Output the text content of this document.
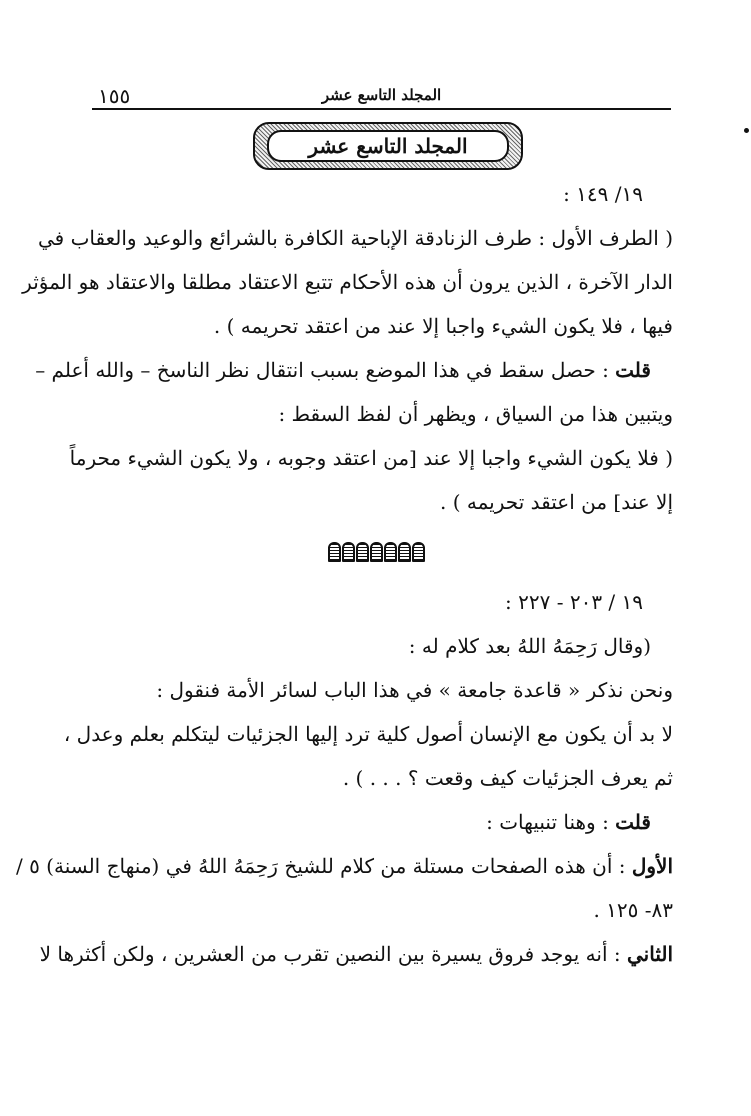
١٥٥	المجلد التاسع عشر
المجلد التاسع عشر
١٩/ ١٤٩ :
( الطرف الأول : طرف الزنادقة الإباحية الكافرة بالشرائع والوعيد والعقاب في
الدار الآخرة ، الذين يرون أن هذه الأحكام تتبع الاعتقاد مطلقا والاعتقاد هو المؤثر
فيها ، فلا يكون الشيء واجبا إلا عند من اعتقد تحريمه ) .
قلت : حصل سقط في هذا الموضع بسبب انتقال نظر الناسخ – والله أعلم –
ويتبين هذا من السياق ، ويظهر أن لفظ السقط :
( فلا يكون الشيء واجبا إلا عند [من اعتقد وجوبه ، ولا يكون الشيء محرماً
إلا عند] من اعتقد تحريمه ) .
١٩ / ٢٠٣ - ٢٢٧ :
(وقال رَحِمَهُ اللهُ بعد كلام له :
ونحن نذكر « قاعدة جامعة » في هذا الباب لسائر الأمة فنقول :
لا بد أن يكون مع الإنسان أصول كلية ترد إليها الجزئيات ليتكلم بعلم وعدل ،
ثم يعرف الجزئيات كيف وقعت ؟ . . . ) .
قلت : وهنا تنبيهات :
الأول : أن هذه الصفحات مستلة من كلام للشيخ رَحِمَهُ اللهُ في (منهاج السنة) ٥ /
٨٣- ١٢٥ .
الثاني : أنه يوجد فروق يسيرة بين النصين تقرب من العشرين ، ولكن أكثرها لا
